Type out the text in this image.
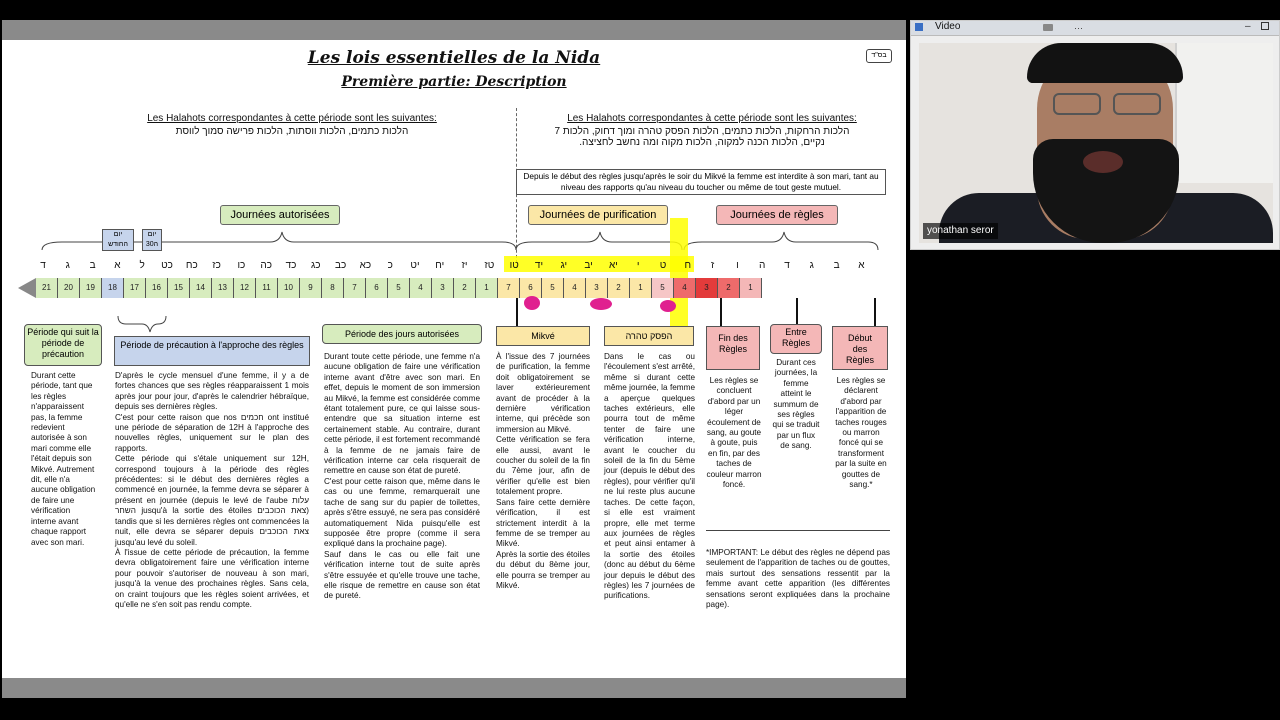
Les lois essentielles de la Nida
Première partie: Description
בס"ד
Les Halahots correspondantes à cette période sont les suivantes:
הלכות כתמים, הלכות ווסתות, הלכות פרישה סמוך לווסת
Les Halahots correspondantes à cette période sont les suivantes:
הלכות הרחקות, הלכות כתמים, הלכות הפסק טהרה ומוך דחוק, הלכות 7 נקיים, הלכות הכנה למקוה, הלכות מקוה ומה נחשב לחציצה.
Depuis le début des règles jusqu'après le soir du Mikvé la femme est interdite à son mari, tant au niveau des rapports qu'au niveau du toucher ou même de tout geste mutuel.
Journées autorisées	Journées de purification	Journées de règles
יום החודש
יום ה30
ד	ג	ב	א	ל	כט	כח	כז	כו	כה	כד	כג	כב	כא	כ	יט	יח	יז	טז	טו	יד	יג	יב	יא	י	ט	ח	ז	ו	ה	ד	ג	ב	א
21	20	19	18	17	16	15	14	13	12	11	10	9	8	7	6	5	4	3	2	1	7	6	5	4	3	2	1	5	4	3	2	1
Période qui suit la période de précaution
Période de précaution à l'approche des règles
Période des jours autorisées	Mikvé	הפסק טהרה	Fin des Règles
Entre Règles	Début des Règles
Durant cette période, tant que les règles n'apparaissent pas, la femme redevient autorisée à son mari comme elle l'était depuis son Mikvé. Autrement dit, elle n'a aucune obligation de faire une vérification interne avant chaque rapport avec son mari.
D'après le cycle mensuel d'une femme, il y a de fortes chances que ses règles réapparaissent 1 mois après jour pour jour, d'après le calendrier hébraïque, depuis ses dernières règles.
C'est pour cette raison que nos חכמים ont institué une période de séparation de 12H à l'approche des nouvelles règles, uniquement sur le plan des rapports.
Cette période qui s'étale uniquement sur 12H, correspond toujours à la période des règles précédentes: si le début des dernières règles a commencé en journée, la femme devra se séparer à présent en journée (depuis le levé de l'aube עלות השחר jusqu'à la sortie des étoiles צאת הכוכבים) tandis que si les dernières règles ont commencées la nuit, elle devra se séparer depuis צאת הכוכבים jusqu'au levé du soleil.
À l'issue de cette période de précaution, la femme devra obligatoirement faire une vérification interne pour pouvoir s'autoriser de nouveau à son mari, jusqu'à la venue des prochaines règles. Sans cela, on craint toujours que les règles soient arrivées, et qu'elle ne s'en soit pas rendu compte.
Durant toute cette période, une femme n'a aucune obligation de faire une vérification interne avant d'être avec son mari. En effet, depuis le moment de son immersion au Mikvé, la femme est considérée comme étant totalement pure, ce qui laisse sous-entendre que sa situation interne est certainement stable. Au contraire, durant cette période, il est fortement recommandé à la femme de ne jamais faire de vérification interne car cela risquerait de remettre en cause son état de pureté.
C'est pour cette raison que, même dans le cas ou une femme, remarquerait une tache de sang sur du papier de toilettes, après s'être essuyé, ne sera pas considéré automatiquement Nida puisqu'elle est supposée être propre (comme il sera expliqué dans la prochaine page).
Sauf dans le cas ou elle fait une vérification interne tout de suite après s'être essuyée et qu'elle trouve une tache, elle risque de remettre en cause son état de pureté.
À l'issue des 7 journées de purification, la femme doit obligatoirement se laver extérieurement avant de procéder à la dernière vérification interne, qui précède son immersion au Mikvé.
Cette vérification se fera elle aussi, avant le coucher du soleil de la fin du 7ème jour, afin de vérifier qu'elle est bien totalement propre.
Sans faire cette dernière vérification, il est strictement interdit à la femme de se tremper au Mikvé.
Après la sortie des étoiles du début du 8ème jour, elle pourra se tremper au Mikvé.
Dans le cas ou l'écoulement s'est arrêté, même si durant cette même journée, la femme a aperçue quelques taches extérieurs, elle pourra tout de même tenter de faire une vérification interne, avant le coucher du soleil de la fin du 5ème jour (depuis le début des règles), pour vérifier qu'il ne lui reste plus aucune taches. De cette façon, si elle est vraiment propre, elle met terme aux journées de règles et peut ainsi entamer à la sortie des étoiles (donc au début du 6ème jour depuis le début des règles) les 7 journées de purifications.
Les règles se concluent d'abord par un léger écoulement de sang, au goute à goute, puis en fin, par des taches de couleur marron foncé.
Durant ces journées, la femme atteint le summum de ses règles qui se traduit par un flux de sang.
Les règles se déclarent d'abord par l'apparition de taches rouges ou marron foncé qui se transforment par la suite en gouttes de sang.*
*IMPORTANT: Le début des règles ne dépend pas seulement de l'apparition de taches ou de gouttes, mais surtout des sensations ressentit par la femme avant cette apparition (les différentes sensations seront expliquées dans la prochaine page).
Video	⋯	–
yonathan seror
